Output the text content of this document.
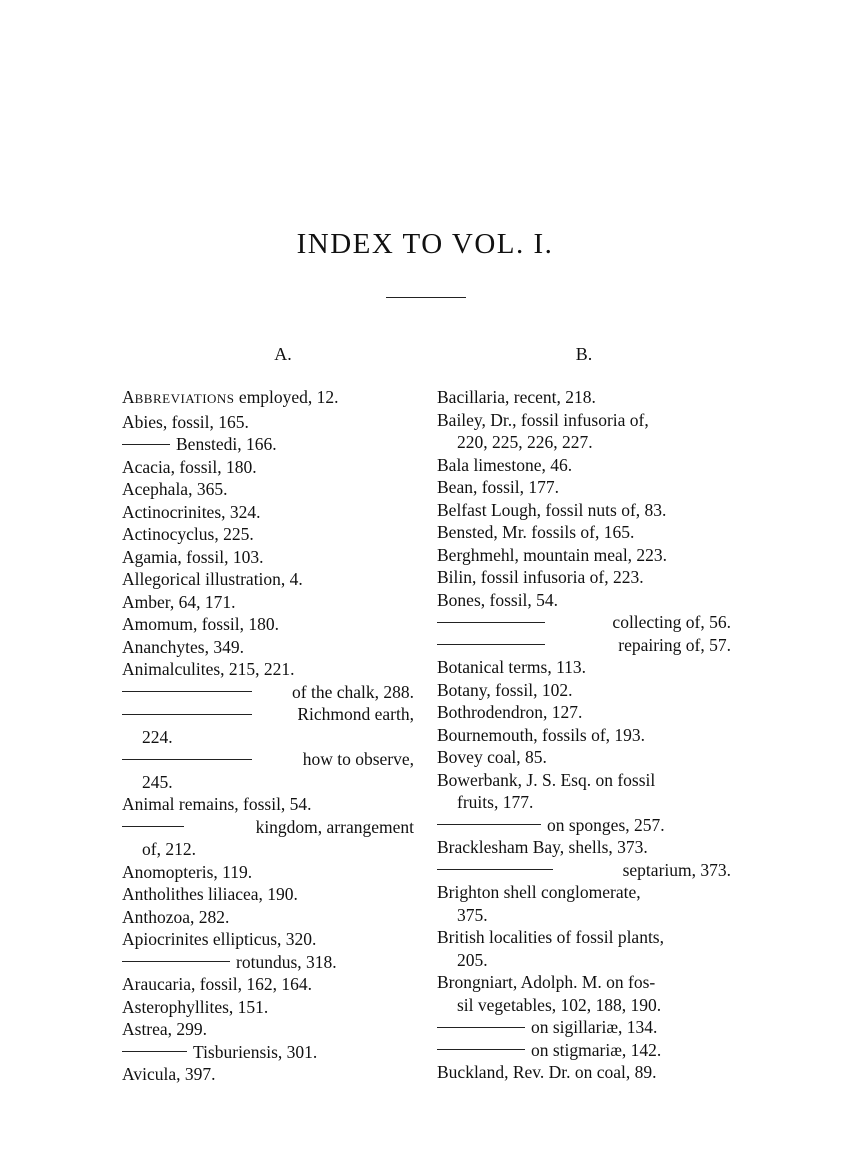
INDEX TO VOL. I.
A.
ABBREVIATIONS employed, 12.
Abies, fossil, 165.
Benstedi, 166.
Acacia, fossil, 180.
Acephala, 365.
Actinocrinites, 324.
Actinocyclus, 225.
Agamia, fossil, 103.
Allegorical illustration, 4.
Amber, 64, 171.
Amomum, fossil, 180.
Ananchytes, 349.
Animalculites, 215, 221.
of the chalk, 288.
Richmond earth,
224.
how to observe,
245.
Animal remains, fossil, 54.
kingdom, arrangement
of, 212.
Anomopteris, 119.
Antholithes liliacea, 190.
Anthozoa, 282.
Apiocrinites ellipticus, 320.
rotundus, 318.
Araucaria, fossil, 162, 164.
Asterophyllites, 151.
Astrea, 299.
Tisburiensis, 301.
Avicula, 397.
B.
Bacillaria, recent, 218.
Bailey, Dr., fossil infusoria of,
220, 225, 226, 227.
Bala limestone, 46.
Bean, fossil, 177.
Belfast Lough, fossil nuts of, 83.
Bensted, Mr. fossils of, 165.
Berghmehl, mountain meal, 223.
Bilin, fossil infusoria of, 223.
Bones, fossil, 54.
collecting of, 56.
repairing of, 57.
Botanical terms, 113.
Botany, fossil, 102.
Bothrodendron, 127.
Bournemouth, fossils of, 193.
Bovey coal, 85.
Bowerbank, J. S. Esq. on fossil
fruits, 177.
on sponges, 257.
Bracklesham Bay, shells, 373.
septarium, 373.
Brighton shell conglomerate,
375.
British localities of fossil plants,
205.
Brongniart, Adolph. M. on fos-
sil vegetables, 102, 188, 190.
on sigillariæ, 134.
on stigmariæ, 142.
Buckland, Rev. Dr. on coal, 89.
